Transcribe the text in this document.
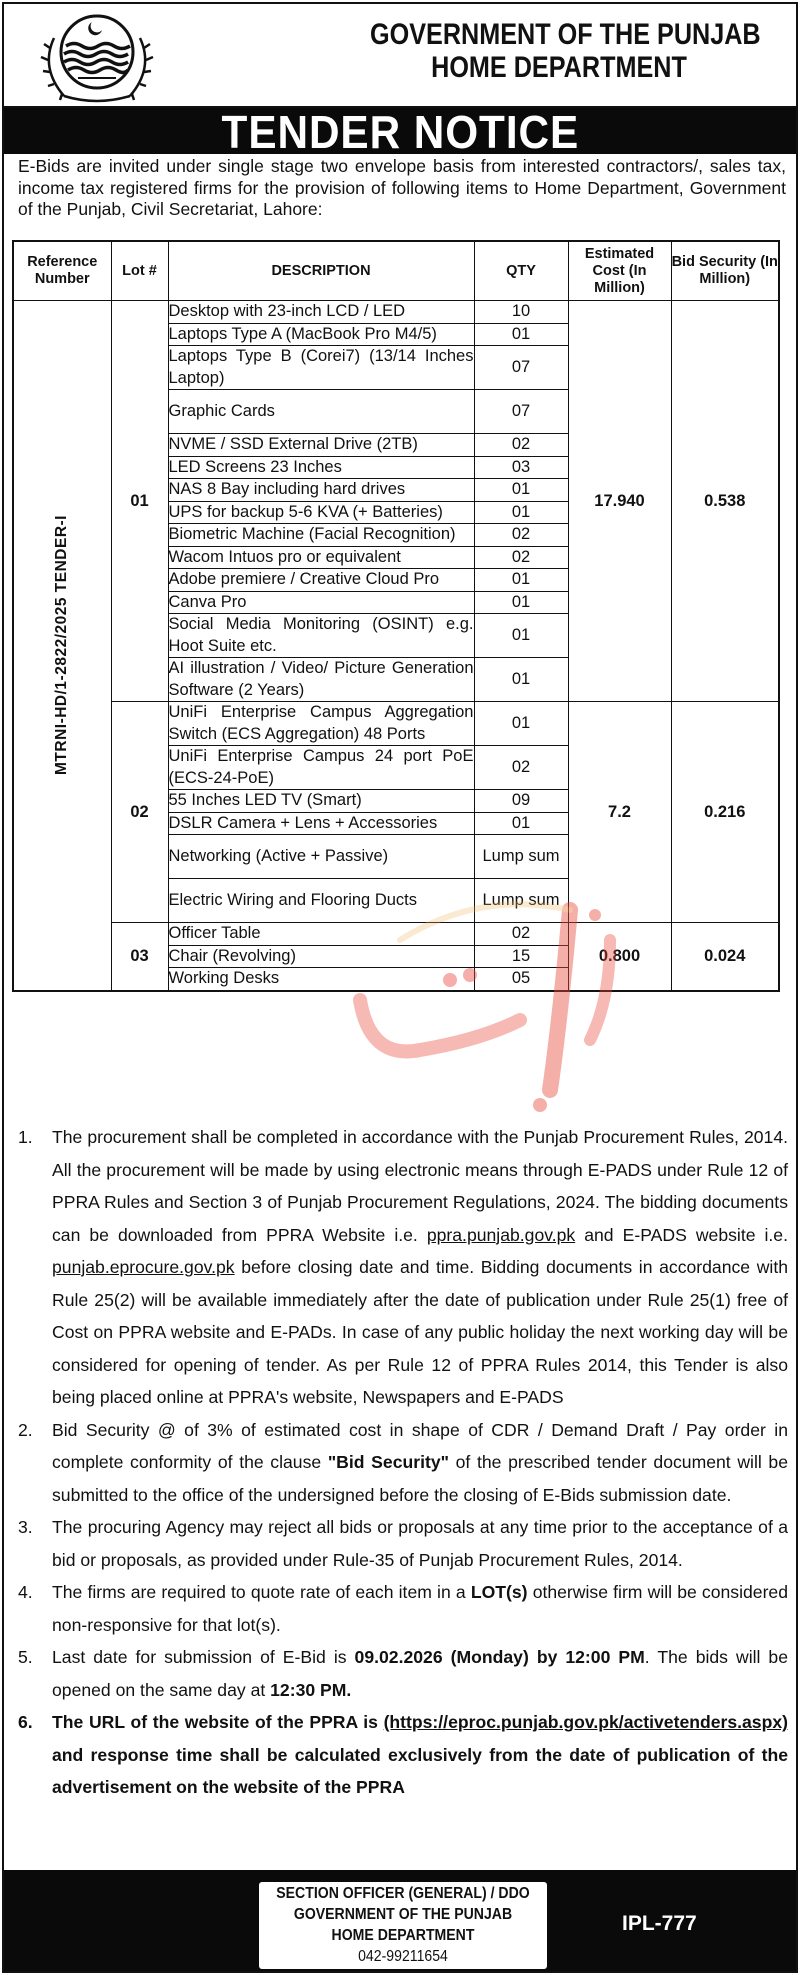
GOVERNMENT OF THE PUNJAB
HOME DEPARTMENT
TENDER NOTICE
E-Bids are invited under single stage two envelope basis from interested contractors/, sales tax, income tax registered firms for the provision of following items to Home Department, Government of the Punjab, Civil Secretariat, Lahore:
Reference Number	Lot #	DESCRIPTION	QTY	Estimated Cost (In Million)	Bid Security (In Million)

MTRNI-HD/1-2822/2025 TENDER-I	01	Desktop with 23-inch LCD / LED	10	17.940	0.538
		Laptops Type A (MacBook Pro M4/5)	01		
		Laptops Type B (Corei7) (13/14 Inches Laptop)	07		
		Graphic Cards	07		
		NVME / SSD External Drive (2TB)	02		
		LED Screens 23 Inches	03		
		NAS 8 Bay including hard drives	01		
		UPS for backup 5-6 KVA (+ Batteries)	01		
		Biometric Machine (Facial Recognition)	02		
		Wacom Intuos pro or equivalent	02		
		Adobe premiere / Creative Cloud Pro	01		
		Canva Pro	01		
		Social Media Monitoring (OSINT) e.g. Hoot Suite etc.	01		
		AI illustration / Video/ Picture Generation Software (2 Years)	01		
	02	UniFi Enterprise Campus Aggregation Switch (ECS Aggregation) 48 Ports	01	7.2	0.216
		UniFi Enterprise Campus 24 port PoE (ECS-24-PoE)	02		
		55 Inches LED TV (Smart)	09		
		DSLR Camera + Lens + Accessories	01		
		Networking (Active + Passive)	Lump sum		
		Electric Wiring and Flooring Ducts	Lump sum		
	03	Officer Table	02	0.800	0.024
		Chair (Revolving)	15		
		Working Desks	05		
1.	The procurement shall be completed in accordance with the Punjab Procurement Rules, 2014. All the procurement will be made by using electronic means through E-PADS under Rule 12 of PPRA Rules and Section 3 of Punjab Procurement Regulations, 2024. The bidding documents can be downloaded from PPRA Website i.e. ppra.punjab.gov.pk and E-PADS website i.e. punjab.eprocure.gov.pk before closing date and time. Bidding documents in accordance with Rule 25(2) will be available immediately after the date of publication under Rule 25(1) free of Cost on PPRA website and E-PADs. In case of any public holiday the next working day will be considered for opening of tender. As per Rule 12 of PPRA Rules 2014, this Tender is also being placed online at PPRA's website, Newspapers and E-PADS
2.	Bid Security @ of 3% of estimated cost in shape of CDR / Demand Draft / Pay order in complete conformity of the clause "Bid Security" of the prescribed tender document will be submitted to the office of the undersigned before the closing of E-Bids submission date.
3.	The procuring Agency may reject all bids or proposals at any time prior to the acceptance of a bid or proposals, as provided under Rule-35 of Punjab Procurement Rules, 2014.
4.	The firms are required to quote rate of each item in a LOT(s) otherwise firm will be considered non-responsive for that lot(s).
5.	Last date for submission of E-Bid is 09.02.2026 (Monday) by 12:00 PM. The bids will be opened on the same day at 12:30 PM.
6.	The URL of the website of the PPRA is (https://eproc.punjab.gov.pk/activetenders.aspx) and response time shall be calculated exclusively from the date of publication of the advertisement on the website of the PPRA
SECTION OFFICER (GENERAL) / DDO
GOVERNMENT OF THE PUNJAB
HOME DEPARTMENT
042-99211654
IPL-777
